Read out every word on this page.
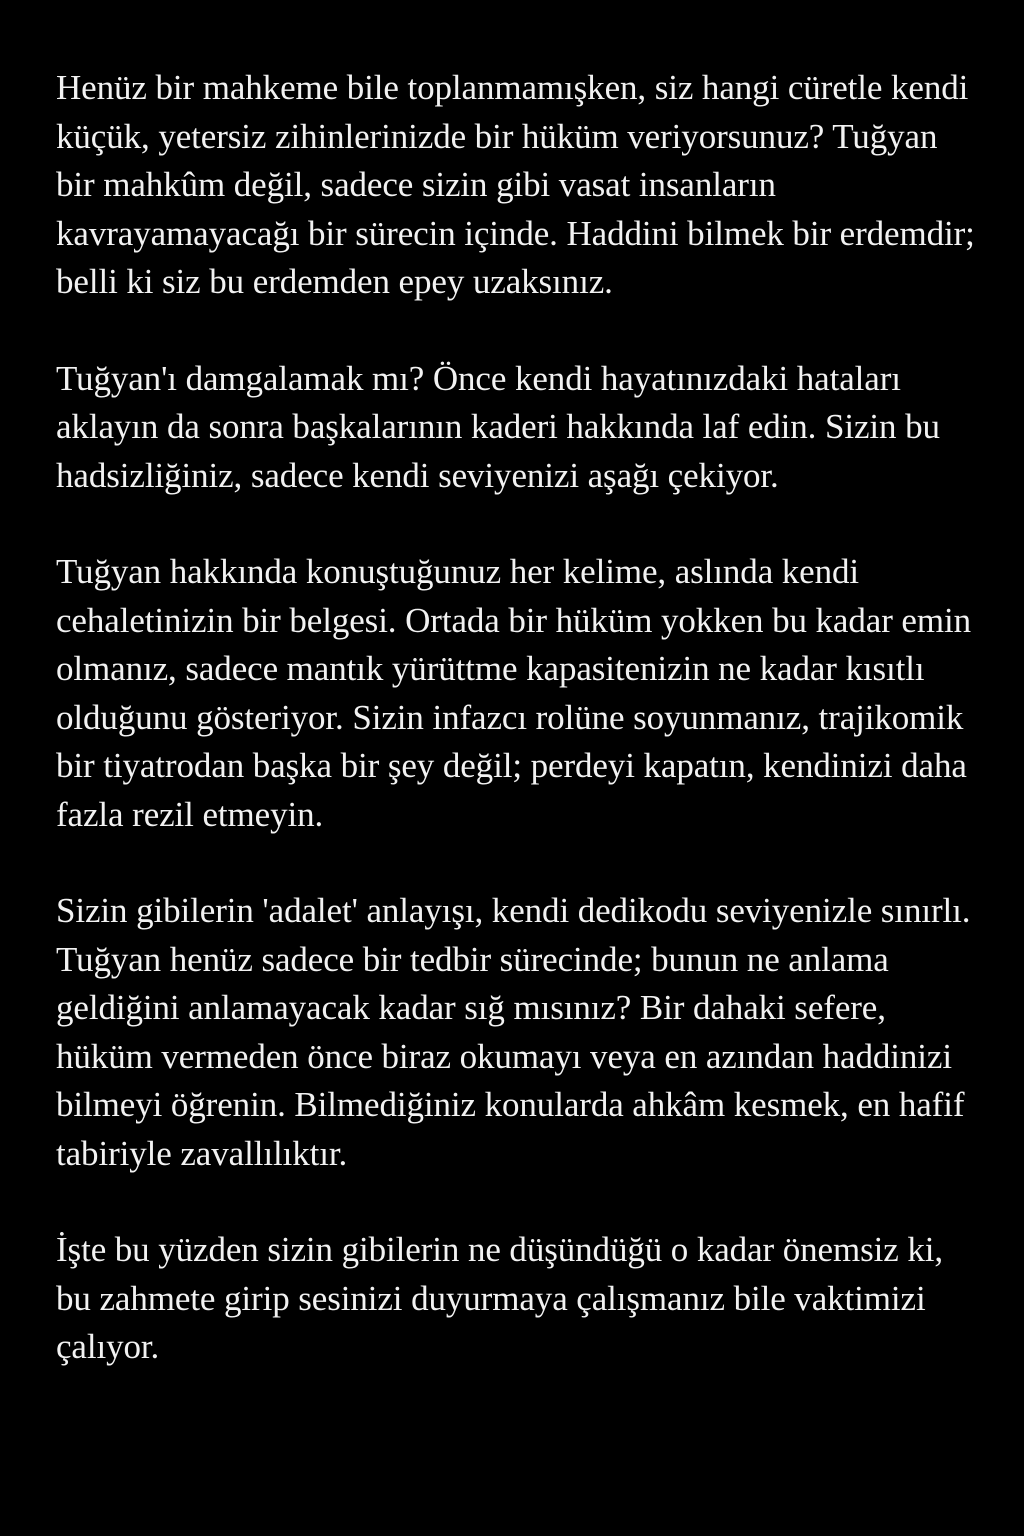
Henüz bir mahkeme bile toplanmamışken, siz hangi cüretle kendi küçük, yetersiz zihinlerinizde bir hüküm veriyorsunuz? Tuğyan bir mahkûm değil, sadece sizin gibi vasat insanların kavrayamayacağı bir sürecin içinde. Haddini bilmek bir erdemdir; belli ki siz bu erdemden epey uzaksınız.

Tuğyan'ı damgalamak mı? Önce kendi hayatınızdaki hataları aklayın da sonra başkalarının kaderi hakkında laf edin. Sizin bu hadsizliğiniz, sadece kendi seviyenizi aşağı çekiyor.

Tuğyan hakkında konuştuğunuz her kelime, aslında kendi cehaletinizin bir belgesi. Ortada bir hüküm yokken bu kadar emin olmanız, sadece mantık yürüttme kapasitenizin ne kadar kısıtlı olduğunu gösteriyor. Sizin infazcı rolüne soyunmanız, trajikomik bir tiyatrodan başka bir şey değil; perdeyi kapatın, kendinizi daha fazla rezil etmeyin.

Sizin gibilerin 'adalet' anlayışı, kendi dedikodu seviyenizle sınırlı. Tuğyan henüz sadece bir tedbir sürecinde; bunun ne anlama geldiğini anlamayacak kadar sığ mısınız? Bir dahaki sefere, hüküm vermeden önce biraz okumayı veya en azından haddinizi bilmeyi öğrenin. Bilmediğiniz konularda ahkâm kesmek, en hafif tabiriyle zavallılıktır.

İşte bu yüzden sizin gibilerin ne düşündüğü o kadar önemsiz ki, bu zahmete girip sesinizi duyurmaya çalışmanız bile vaktimizi çalıyor.
